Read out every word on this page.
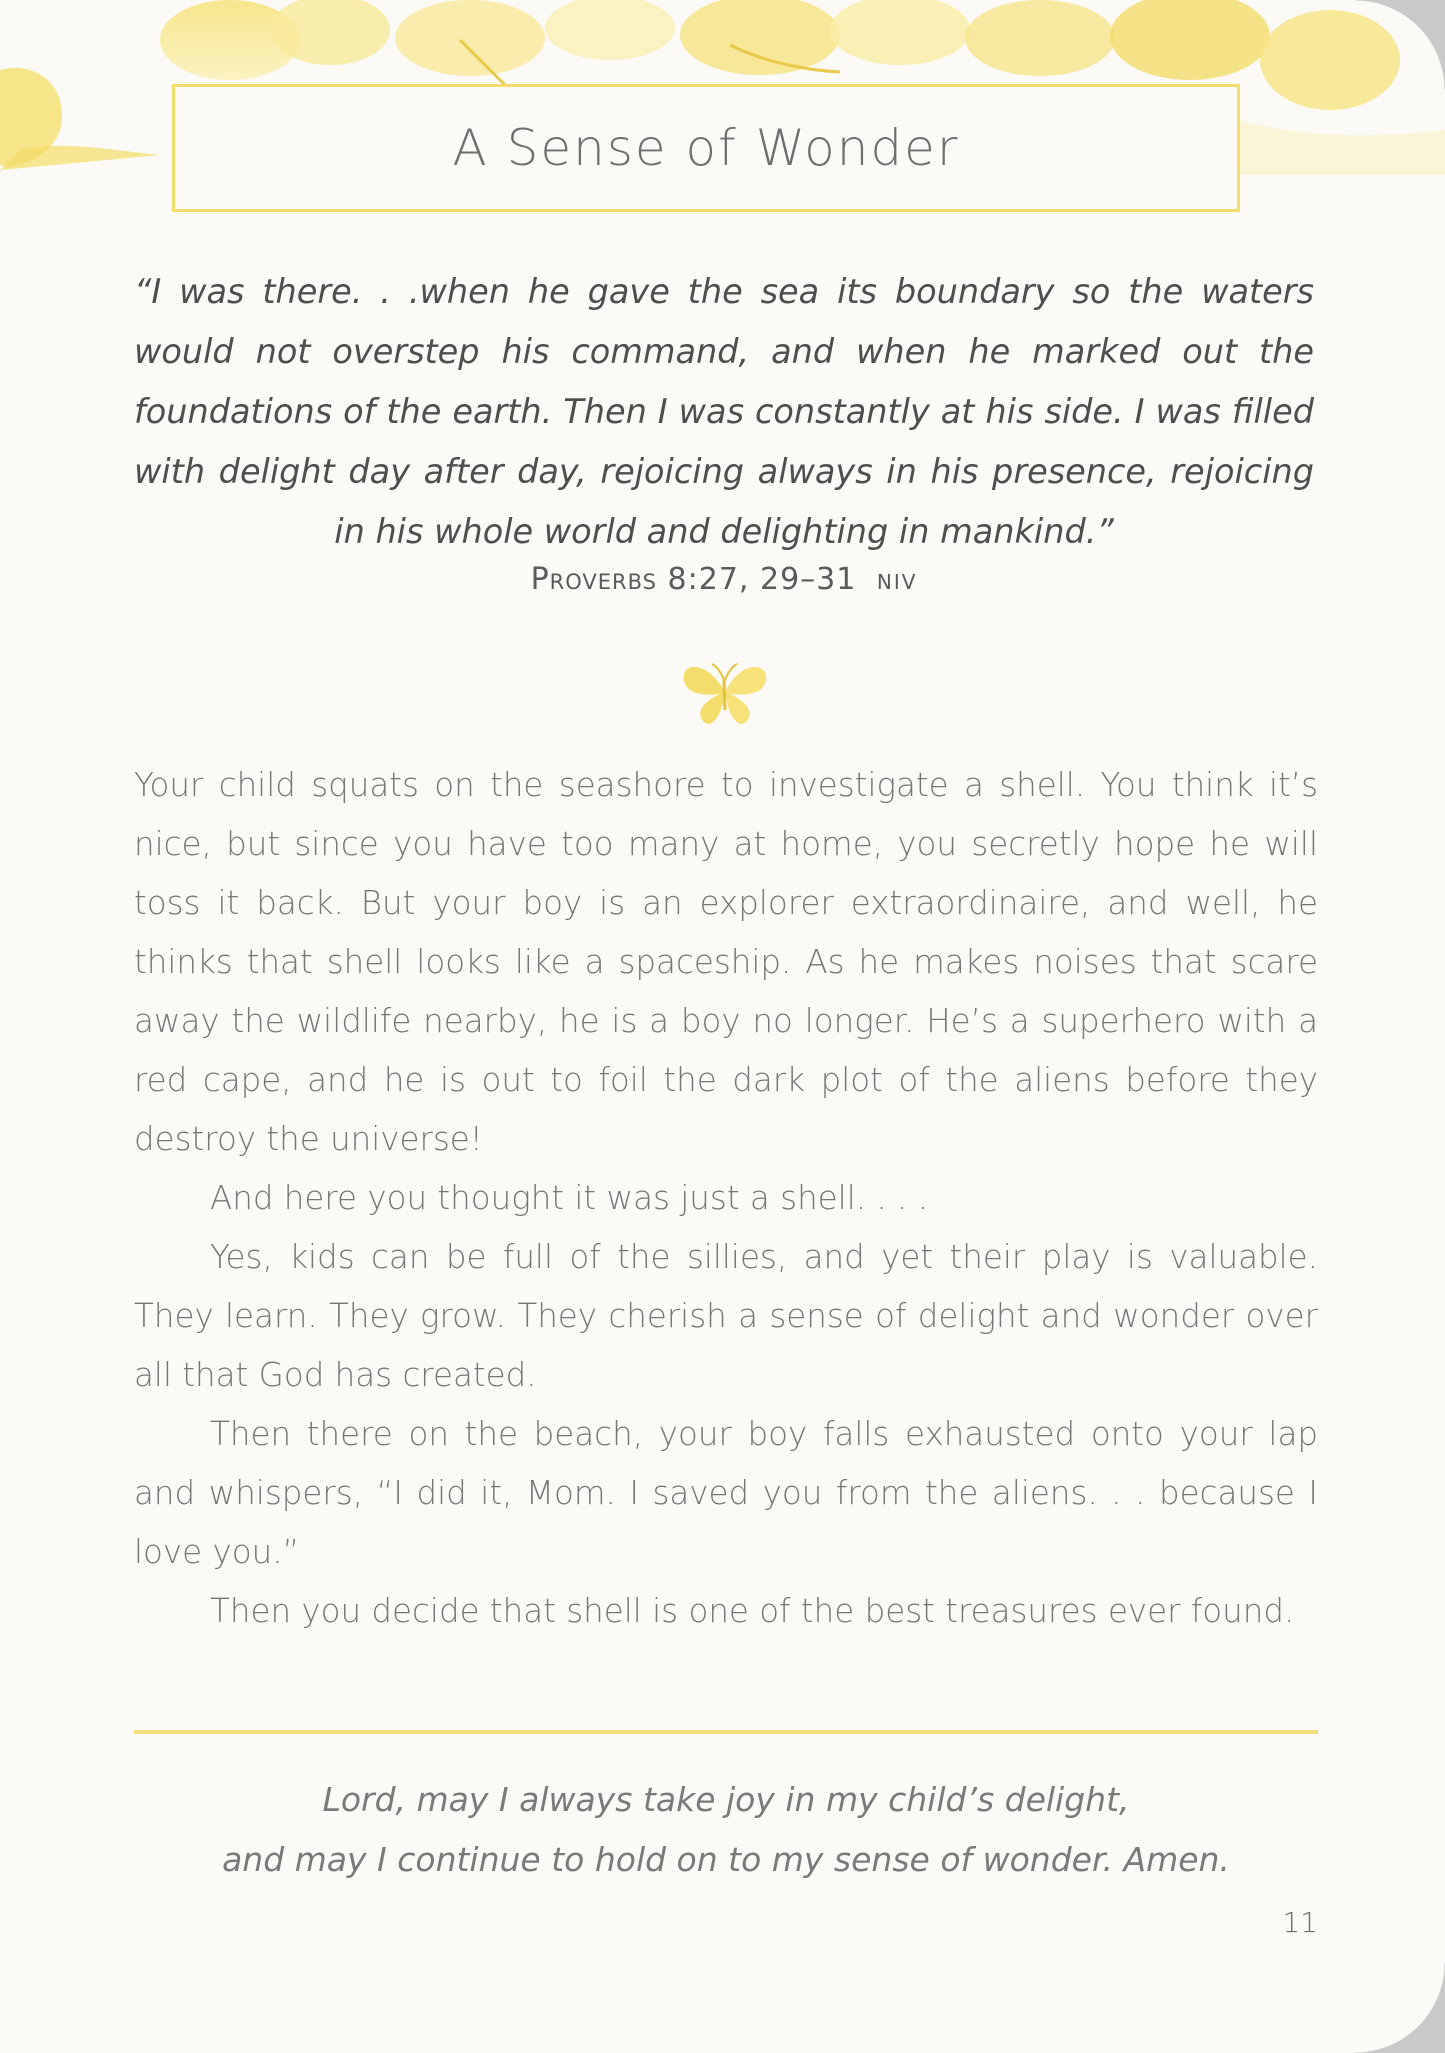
A Sense of Wonder
“I was there. . .when he gave the sea its boundary so the waters would not overstep his command, and when he marked out the foundations of the earth. Then I was constantly at his side. I was filled with delight day after day, rejoicing always in his presence, rejoicing in his whole world and delighting in mankind.”
Proverbs 8:27, 29–31 NIV

Your child squats on the seashore to investigate a shell. You think it’s nice, but since you have too many at home, you secretly hope he will toss it back. But your boy is an explorer extraordinaire, and well, he thinks that shell looks like a spaceship. As he makes noises that scare away the wildlife nearby, he is a boy no longer. He’s a superhero with a red cape, and he is out to foil the dark plot of the aliens before they destroy the universe!

And here you thought it was just a shell. . . .

Yes, kids can be full of the sillies, and yet their play is valuable. They learn. They grow. They cherish a sense of delight and wonder over all that God has created.

Then there on the beach, your boy falls exhausted onto your lap and whispers, “I did it, Mom. I saved you from the aliens. . . because I love you.”

Then you decide that shell is one of the best treasures ever found.

Lord, may I always take joy in my child’s delight,
and may I continue to hold on to my sense of wonder. Amen.
11
